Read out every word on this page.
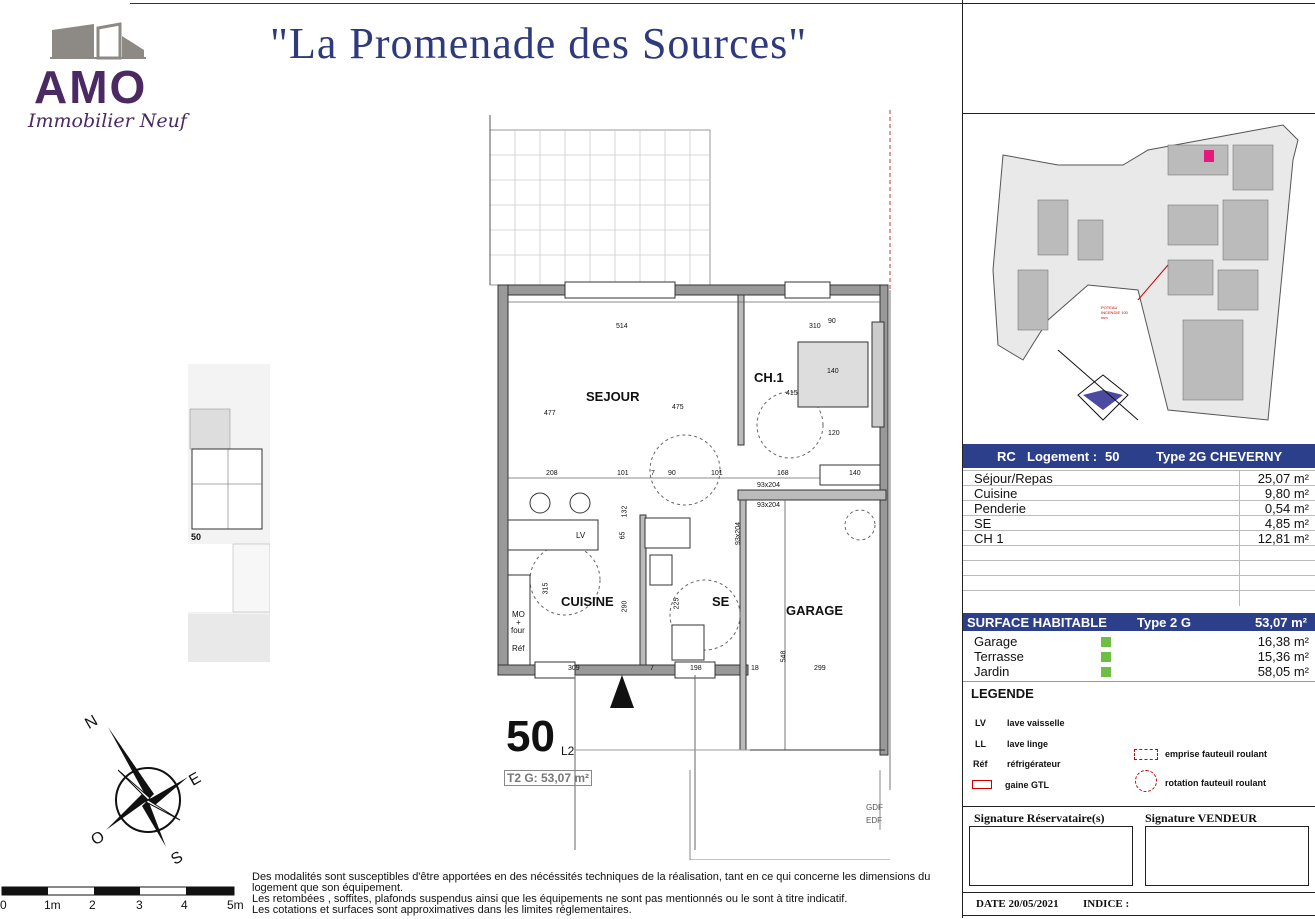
AMO
Immobilier Neuf
"La Promenade des Sources"
SEJOUR
CH.1
CUISINE	SE
GARAGE
LV
MO
+
four
Réf
514	310
90
477
475
415
140
120
208	101	7 90	101	168	140
93x204
93x204
93x204
132
65
315
290	225
548
309	7	198	18	299
50 L2
T2 G: 53,07 m²
GDF
EDF
50
N
E
O
S
0	1m 2	3	4	5m
Des modalités sont susceptibles d'être apportées en des nécéssités techniques de la réalisation, tant en ce qui concerne les dimensions du
logement que son équipement.
Les retombées , soffites, plafonds suspendus ainsi que les équipements ne sont pas mentionnés ou le sont à titre indicatif.
Les cotations et surfaces sont approximatives dans les limites réglementaires.
POTEAU INCENDIE 100 mm
RC Logement : 50	Type 2G CHEVERNY
Séjour/Repas	25,07 m²
Cuisine	9,80 m²
Penderie	0,54 m²
SE	4,85 m²
CH 1	12,81 m²
SURFACE HABITABLE Type 2 G	53,07 m²
Garage	16,38 m²
Terrasse	15,36 m²
Jardin	58,05 m²
LEGENDE
LV lave vaisselle
LL lave linge
Réf réfrigérateur
gaine GTL
emprise fauteuil roulant
rotation fauteuil roulant
Signature Réservataire(s)	Signature VENDEUR
DATE 20/05/2021 INDICE :
